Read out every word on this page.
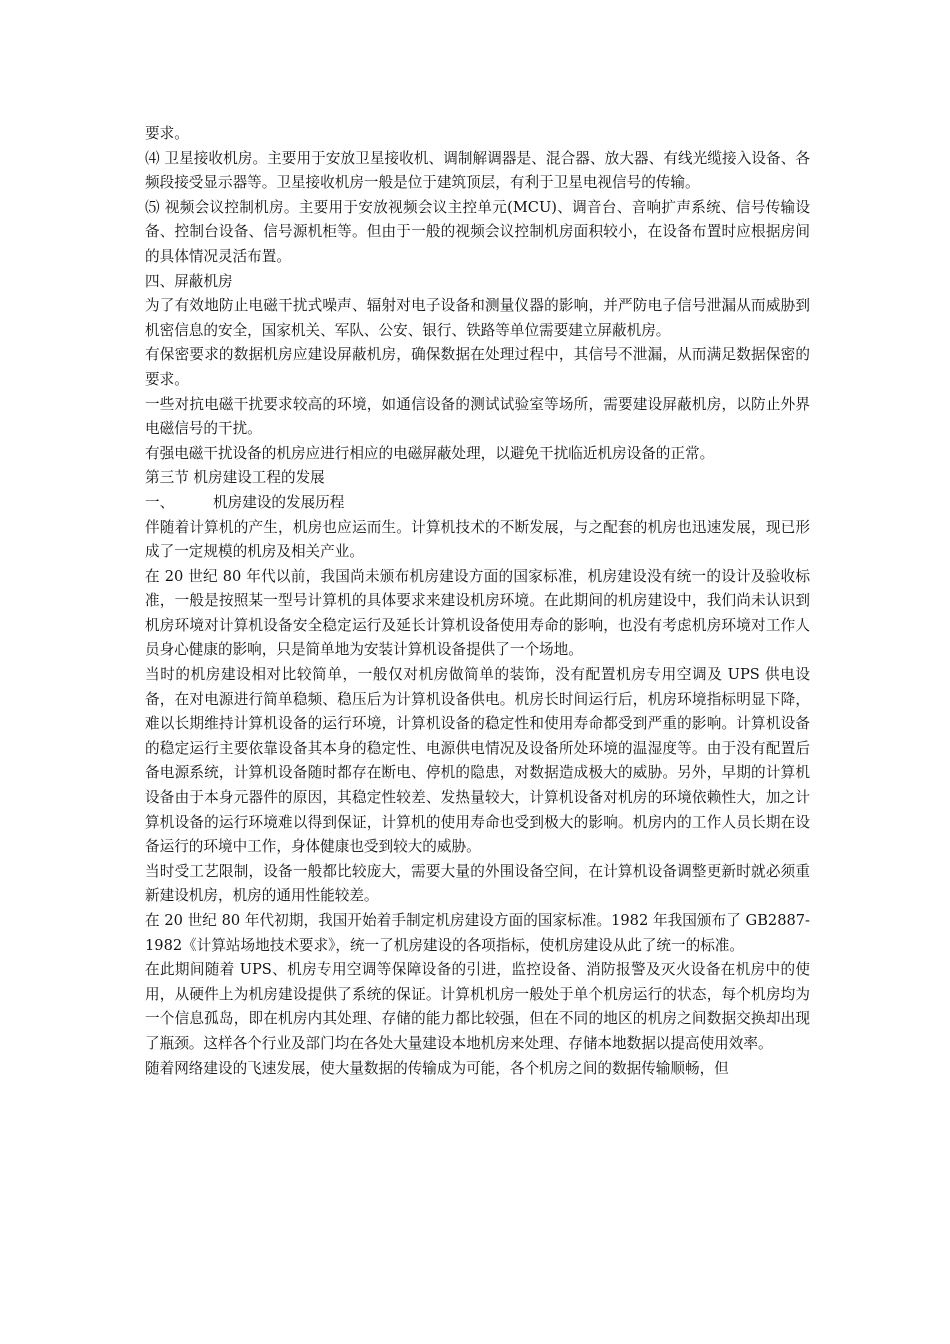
要求。

⑷ 卫星接收机房。主要用于安放卫星接收机、调制解调器是、混合器、放大器、有线光缆接入设备、各频段接受显示器等。卫星接收机房一般是位于建筑顶层，有利于卫星电视信号的传输。

⑸ 视频会议控制机房。主要用于安放视频会议主控单元(MCU)、调音台、音响扩声系统、信号传输设备、控制台设备、信号源机柜等。但由于一般的视频会议控制机房面积较小，在设备布置时应根据房间的具体情况灵活布置。

四、屏蔽机房

为了有效地防止电磁干扰式噪声、辐射对电子设备和测量仪器的影响，并严防电子信号泄漏从而威胁到机密信息的安全，国家机关、军队、公安、银行、铁路等单位需要建立屏蔽机房。

有保密要求的数据机房应建设屏蔽机房，确保数据在处理过程中，其信号不泄漏，从而满足数据保密的要求。

一些对抗电磁干扰要求较高的环境，如通信设备的测试试验室等场所，需要建设屏蔽机房，以防止外界电磁信号的干扰。

有强电磁干扰设备的机房应进行相应的电磁屏蔽处理，以避免干扰临近机房设备的正常。

第三节 机房建设工程的发展

一、	机房建设的发展历程

伴随着计算机的产生，机房也应运而生。计算机技术的不断发展，与之配套的机房也迅速发展，现已形成了一定规模的机房及相关产业。

在 20 世纪 80 年代以前，我国尚未颁布机房建设方面的国家标准，机房建设没有统一的设计及验收标准，一般是按照某一型号计算机的具体要求来建设机房环境。在此期间的机房建设中，我们尚未认识到机房环境对计算机设备安全稳定运行及延长计算机设备使用寿命的影响，也没有考虑机房环境对工作人员身心健康的影响，只是简单地为安装计算机设备提供了一个场地。

当时的机房建设相对比较简单，一般仅对机房做简单的装饰，没有配置机房专用空调及 UPS 供电设备，在对电源进行简单稳频、稳压后为计算机设备供电。机房长时间运行后，机房环境指标明显下降，难以长期维持计算机设备的运行环境，计算机设备的稳定性和使用寿命都受到严重的影响。计算机设备的稳定运行主要依靠设备其本身的稳定性、电源供电情况及设备所处环境的温湿度等。由于没有配置后备电源系统，计算机设备随时都存在断电、停机的隐患，对数据造成极大的威胁。另外，早期的计算机设备由于本身元器件的原因，其稳定性较差、发热量较大，计算机设备对机房的环境依赖性大，加之计算机设备的运行环境难以得到保证，计算机的使用寿命也受到极大的影响。机房内的工作人员长期在设备运行的环境中工作，身体健康也受到较大的威胁。

当时受工艺限制，设备一般都比较庞大，需要大量的外围设备空间，在计算机设备调整更新时就必须重新建设机房，机房的通用性能较差。

在 20 世纪 80 年代初期，我国开始着手制定机房建设方面的国家标准。1982 年我国颁布了 GB2887-1982《计算站场地技术要求》，统一了机房建设的各项指标，使机房建设从此了统一的标准。

在此期间随着 UPS、机房专用空调等保障设备的引进，监控设备、消防报警及灭火设备在机房中的使用，从硬件上为机房建设提供了系统的保证。计算机机房一般处于单个机房运行的状态，每个机房均为一个信息孤岛，即在机房内其处理、存储的能力都比较强，但在不同的地区的机房之间数据交换却出现了瓶颈。这样各个行业及部门均在各处大量建设本地机房来处理、存储本地数据以提高使用效率。

随着网络建设的飞速发展，使大量数据的传输成为可能，各个机房之间的数据传输顺畅，但
